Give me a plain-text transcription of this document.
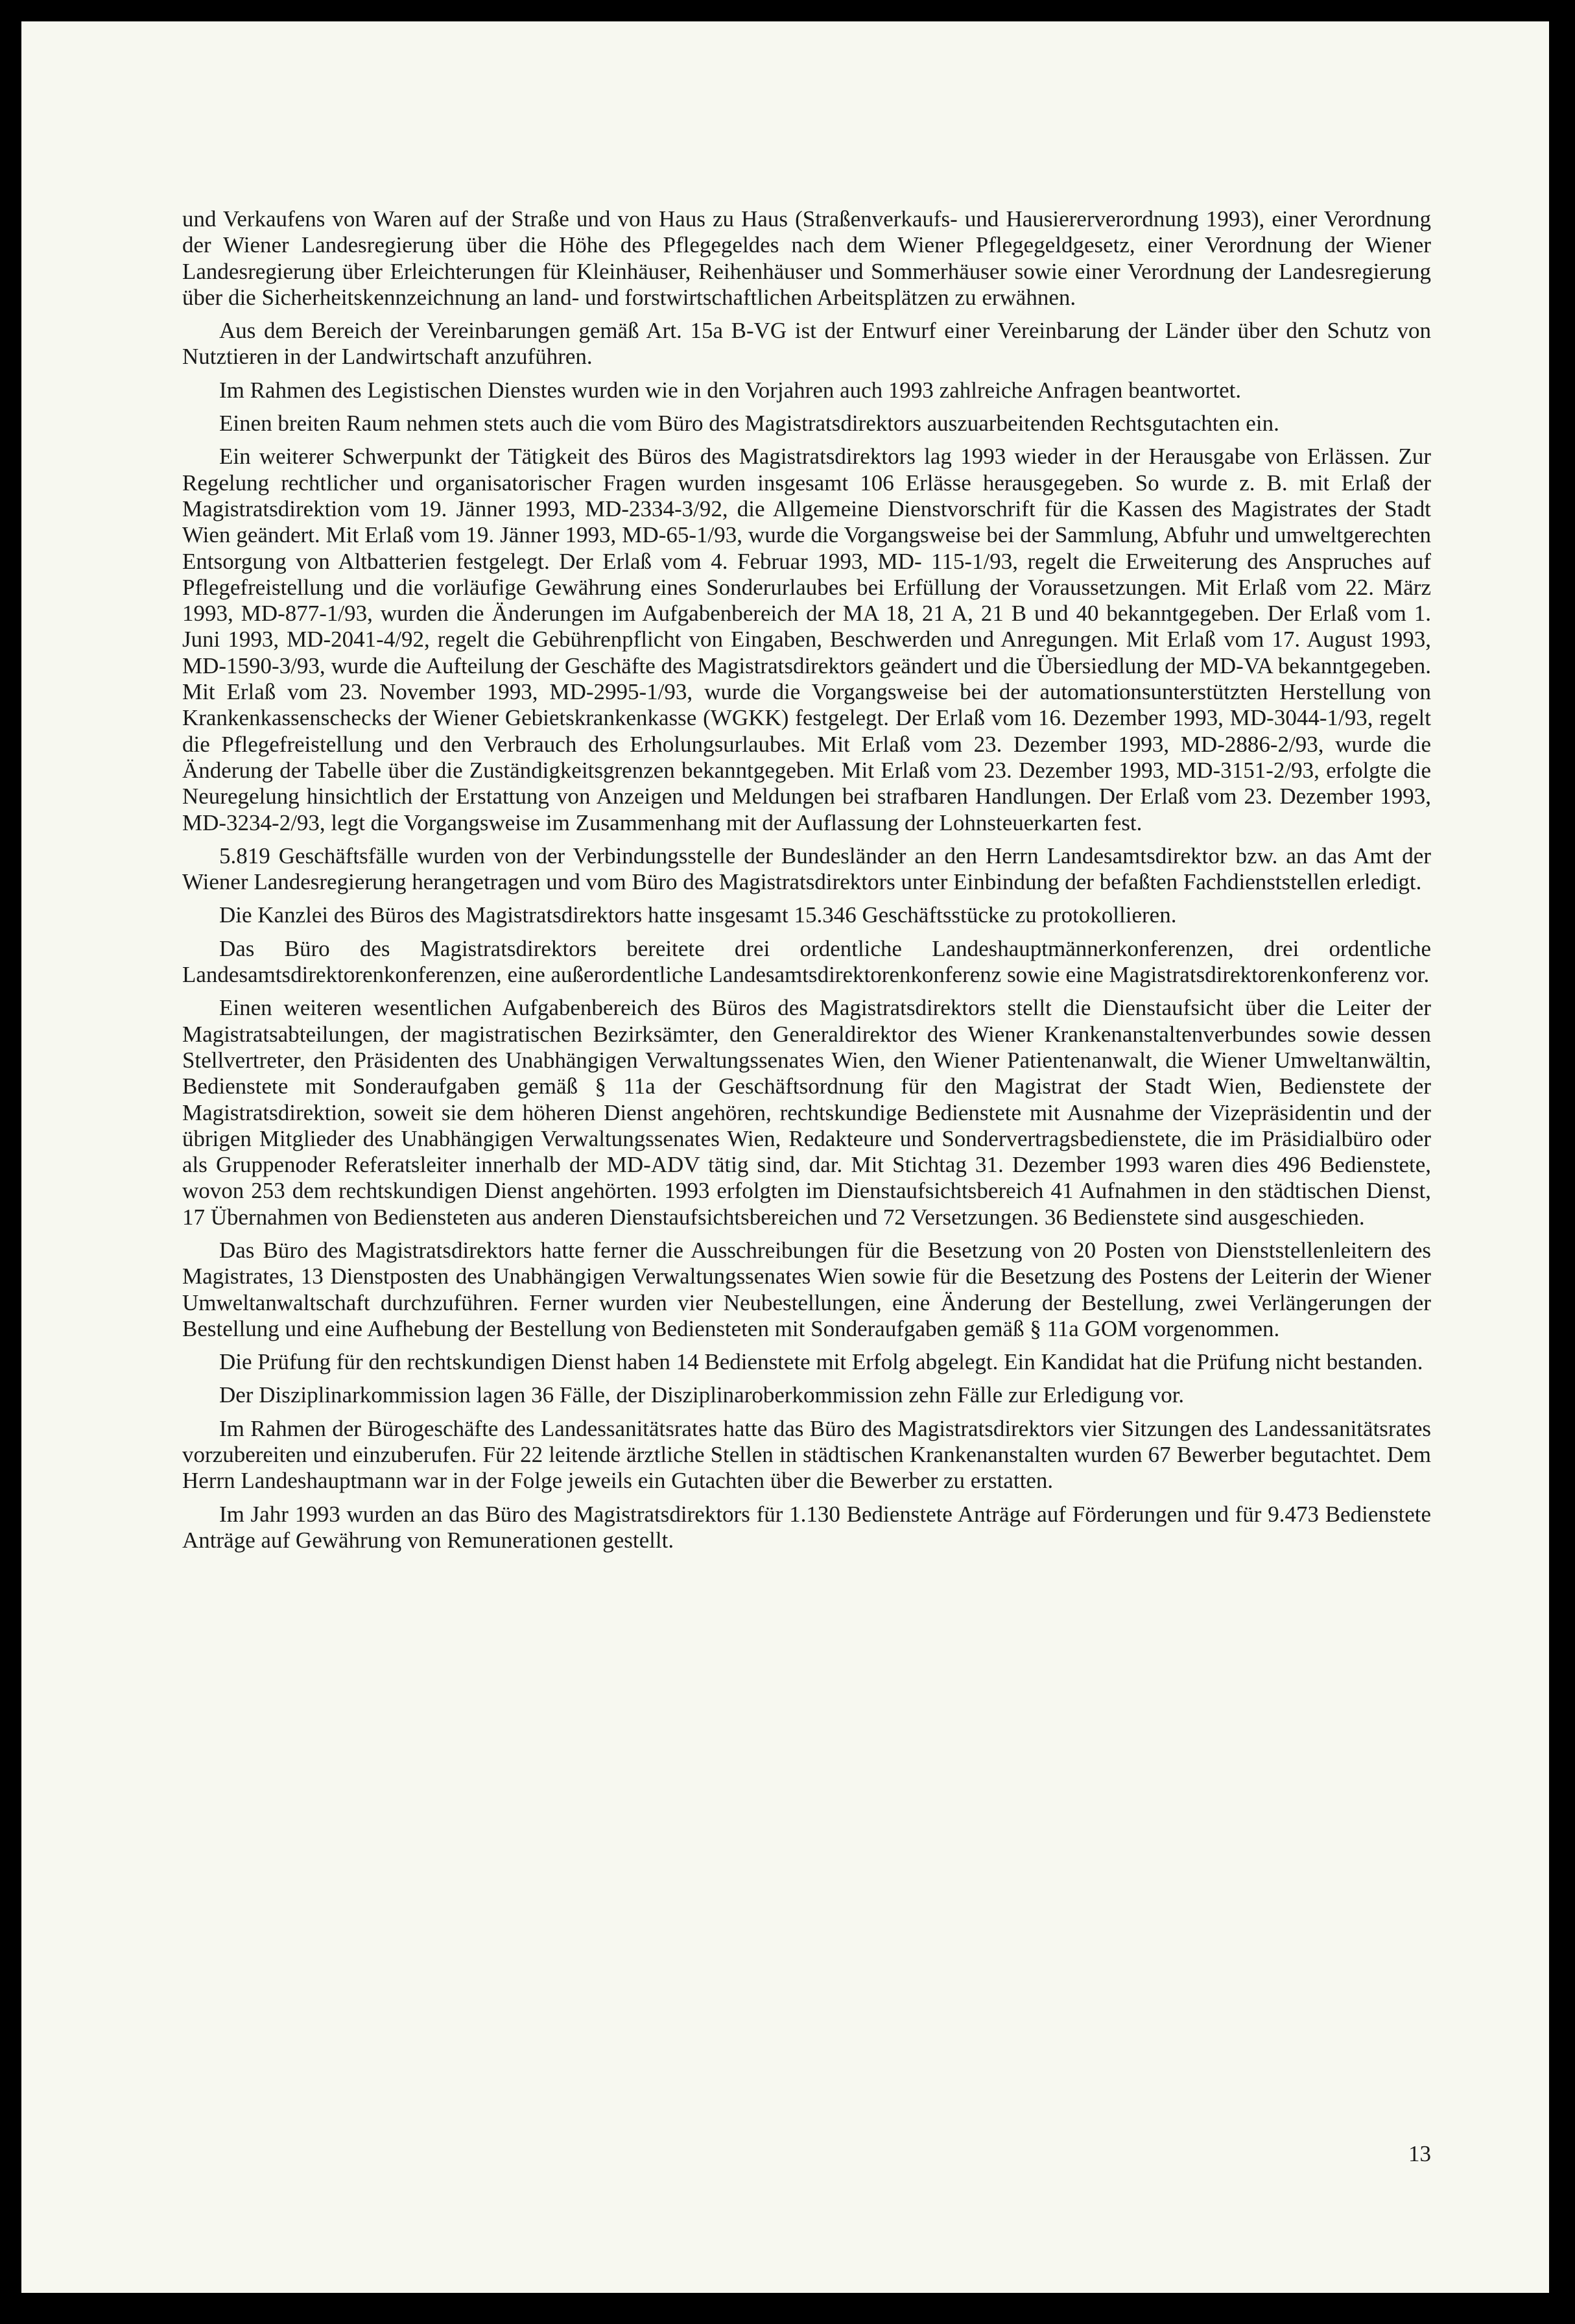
und Verkaufens von Waren auf der Straße und von Haus zu Haus (Straßenverkaufs- und Hausiererverordnung 1993), einer Verordnung der Wiener Landesregierung über die Höhe des Pflegegeldes nach dem Wiener Pflegegeldgesetz, einer Verordnung der Wiener Landesregierung über Erleichterungen für Kleinhäuser, Reihenhäuser und Sommerhäuser sowie einer Verordnung der Landesregierung über die Sicherheitskennzeichnung an land- und forstwirtschaftlichen Arbeitsplätzen zu erwähnen.

Aus dem Bereich der Vereinbarungen gemäß Art. 15a B-VG ist der Entwurf einer Vereinbarung der Länder über den Schutz von Nutztieren in der Landwirtschaft anzuführen.

Im Rahmen des Legistischen Dienstes wurden wie in den Vorjahren auch 1993 zahlreiche Anfragen beantwortet.

Einen breiten Raum nehmen stets auch die vom Büro des Magistratsdirektors auszuarbeitenden Rechtsgutachten ein.

Ein weiterer Schwerpunkt der Tätigkeit des Büros des Magistratsdirektors lag 1993 wieder in der Herausgabe von Erlässen. Zur Regelung rechtlicher und organisatorischer Fragen wurden insgesamt 106 Erlässe herausgegeben. So wurde z. B. mit Erlaß der Magistratsdirektion vom 19. Jänner 1993, MD-2334-3/92, die Allgemeine Dienstvorschrift für die Kassen des Magistrates der Stadt Wien geändert. Mit Erlaß vom 19. Jänner 1993, MD-65-1/93, wurde die Vorgangsweise bei der Sammlung, Abfuhr und umweltgerechten Entsorgung von Altbatterien festgelegt. Der Erlaß vom 4. Februar 1993, MD- 115-1/93, regelt die Erweiterung des Anspruches auf Pflegefreistellung und die vorläufige Gewährung eines Sonderurlaubes bei Erfüllung der Voraussetzungen. Mit Erlaß vom 22. März 1993, MD-877-1/93, wurden die Änderungen im Aufgabenbereich der MA 18, 21 A, 21 B und 40 bekanntgegeben. Der Erlaß vom 1. Juni 1993, MD-2041-4/92, regelt die Gebührenpflicht von Eingaben, Beschwerden und Anregungen. Mit Erlaß vom 17. August 1993, MD-1590-3/93, wurde die Aufteilung der Geschäfte des Magistratsdirektors geändert und die Übersiedlung der MD-VA bekanntgegeben. Mit Erlaß vom 23. November 1993, MD-2995-1/93, wurde die Vorgangsweise bei der automationsunterstützten Herstellung von Krankenkassenschecks der Wiener Gebietskrankenkasse (WGKK) festgelegt. Der Erlaß vom 16. Dezember 1993, MD-3044-1/93, regelt die Pflegefreistellung und den Verbrauch des Erholungsurlaubes. Mit Erlaß vom 23. Dezember 1993, MD-2886-2/93, wurde die Änderung der Tabelle über die Zuständigkeitsgrenzen bekanntgegeben. Mit Erlaß vom 23. Dezember 1993, MD-3151-2/93, erfolgte die Neuregelung hinsichtlich der Erstattung von Anzeigen und Meldungen bei strafbaren Handlungen. Der Erlaß vom 23. Dezember 1993, MD-3234-2/93, legt die Vorgangsweise im Zusammenhang mit der Auflassung der Lohnsteuerkarten fest.

5.819 Geschäftsfälle wurden von der Verbindungsstelle der Bundesländer an den Herrn Landesamtsdirektor bzw. an das Amt der Wiener Landesregierung herangetragen und vom Büro des Magistratsdirektors unter Einbindung der befaßten Fachdienststellen erledigt.

Die Kanzlei des Büros des Magistratsdirektors hatte insgesamt 15.346 Geschäftsstücke zu protokollieren.

Das Büro des Magistratsdirektors bereitete drei ordentliche Landeshauptmännerkonferenzen, drei ordentliche Landesamtsdirektorenkonferenzen, eine außerordentliche Landesamtsdirektorenkonferenz sowie eine Magistratsdirektorenkonferenz vor.

Einen weiteren wesentlichen Aufgabenbereich des Büros des Magistratsdirektors stellt die Dienstaufsicht über die Leiter der Magistratsabteilungen, der magistratischen Bezirksämter, den Generaldirektor des Wiener Krankenanstaltenverbundes sowie dessen Stellvertreter, den Präsidenten des Unabhängigen Verwaltungssenates Wien, den Wiener Patientenanwalt, die Wiener Umweltanwältin, Bedienstete mit Sonderaufgaben gemäß § 11a der Geschäftsordnung für den Magistrat der Stadt Wien, Bedienstete der Magistratsdirektion, soweit sie dem höheren Dienst angehören, rechtskundige Bedienstete mit Ausnahme der Vizepräsidentin und der übrigen Mitglieder des Unabhängigen Verwaltungssenates Wien, Redakteure und Sondervertragsbedienstete, die im Präsidialbüro oder als Gruppenoder Referatsleiter innerhalb der MD-ADV tätig sind, dar. Mit Stichtag 31. Dezember 1993 waren dies 496 Bedienstete, wovon 253 dem rechtskundigen Dienst angehörten. 1993 erfolgten im Dienstaufsichtsbereich 41 Aufnahmen in den städtischen Dienst, 17 Übernahmen von Bediensteten aus anderen Dienstaufsichtsbereichen und 72 Versetzungen. 36 Bedienstete sind ausgeschieden.

Das Büro des Magistratsdirektors hatte ferner die Ausschreibungen für die Besetzung von 20 Posten von Dienststellenleitern des Magistrates, 13 Dienstposten des Unabhängigen Verwaltungssenates Wien sowie für die Besetzung des Postens der Leiterin der Wiener Umweltanwaltschaft durchzuführen. Ferner wurden vier Neubestellungen, eine Änderung der Bestellung, zwei Verlängerungen der Bestellung und eine Aufhebung der Bestellung von Bediensteten mit Sonderaufgaben gemäß § 11a GOM vorgenommen.

Die Prüfung für den rechtskundigen Dienst haben 14 Bedienstete mit Erfolg abgelegt. Ein Kandidat hat die Prüfung nicht bestanden.

Der Disziplinarkommission lagen 36 Fälle, der Disziplinaroberkommission zehn Fälle zur Erledigung vor.

Im Rahmen der Bürogeschäfte des Landessanitätsrates hatte das Büro des Magistratsdirektors vier Sitzungen des Landessanitätsrates vorzubereiten und einzuberufen. Für 22 leitende ärztliche Stellen in städtischen Krankenanstalten wurden 67 Bewerber begutachtet. Dem Herrn Landeshauptmann war in der Folge jeweils ein Gutachten über die Bewerber zu erstatten.

Im Jahr 1993 wurden an das Büro des Magistratsdirektors für 1.130 Bedienstete Anträge auf Förderungen und für 9.473 Bedienstete Anträge auf Gewährung von Remunerationen gestellt.

13
